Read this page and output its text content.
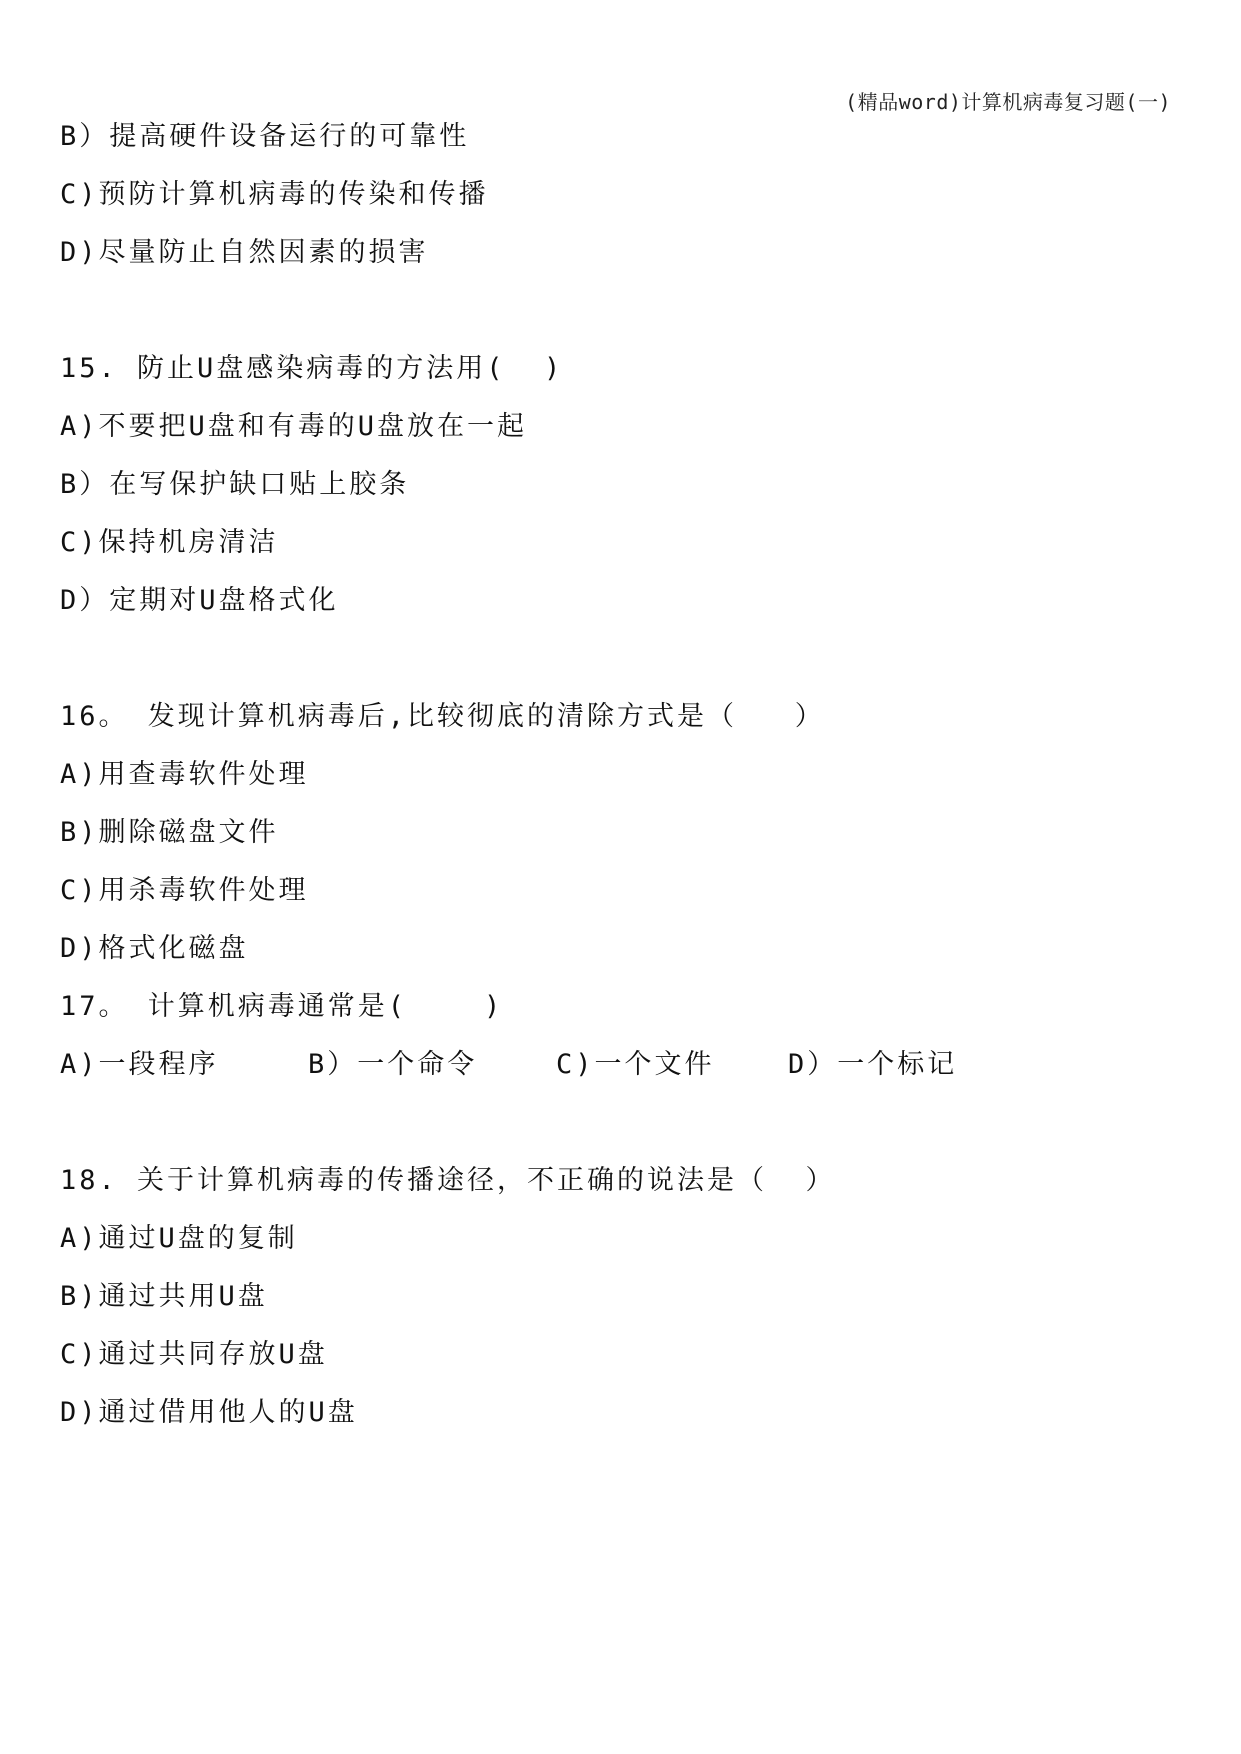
(精品word)计算机病毒复习题(一)
B）提高硬件设备运行的可靠性
C)预防计算机病毒的传染和传播
D)尽量防止自然因素的损害
15. 防止U盘感染病毒的方法用(  )
A)不要把U盘和有毒的U盘放在一起
B）在写保护缺口贴上胶条
C)保持机房清洁
D）定期对U盘格式化
16。 发现计算机病毒后,比较彻底的清除方式是（   ）
A)用查毒软件处理
B)删除磁盘文件
C)用杀毒软件处理
D)格式化磁盘
17。 计算机病毒通常是(    )
A)一段程序	B）一个命令	C)一个文件	D）一个标记
18. 关于计算机病毒的传播途径，不正确的说法是（  ）
A)通过U盘的复制
B)通过共用U盘
C)通过共同存放U盘
D)通过借用他人的U盘
